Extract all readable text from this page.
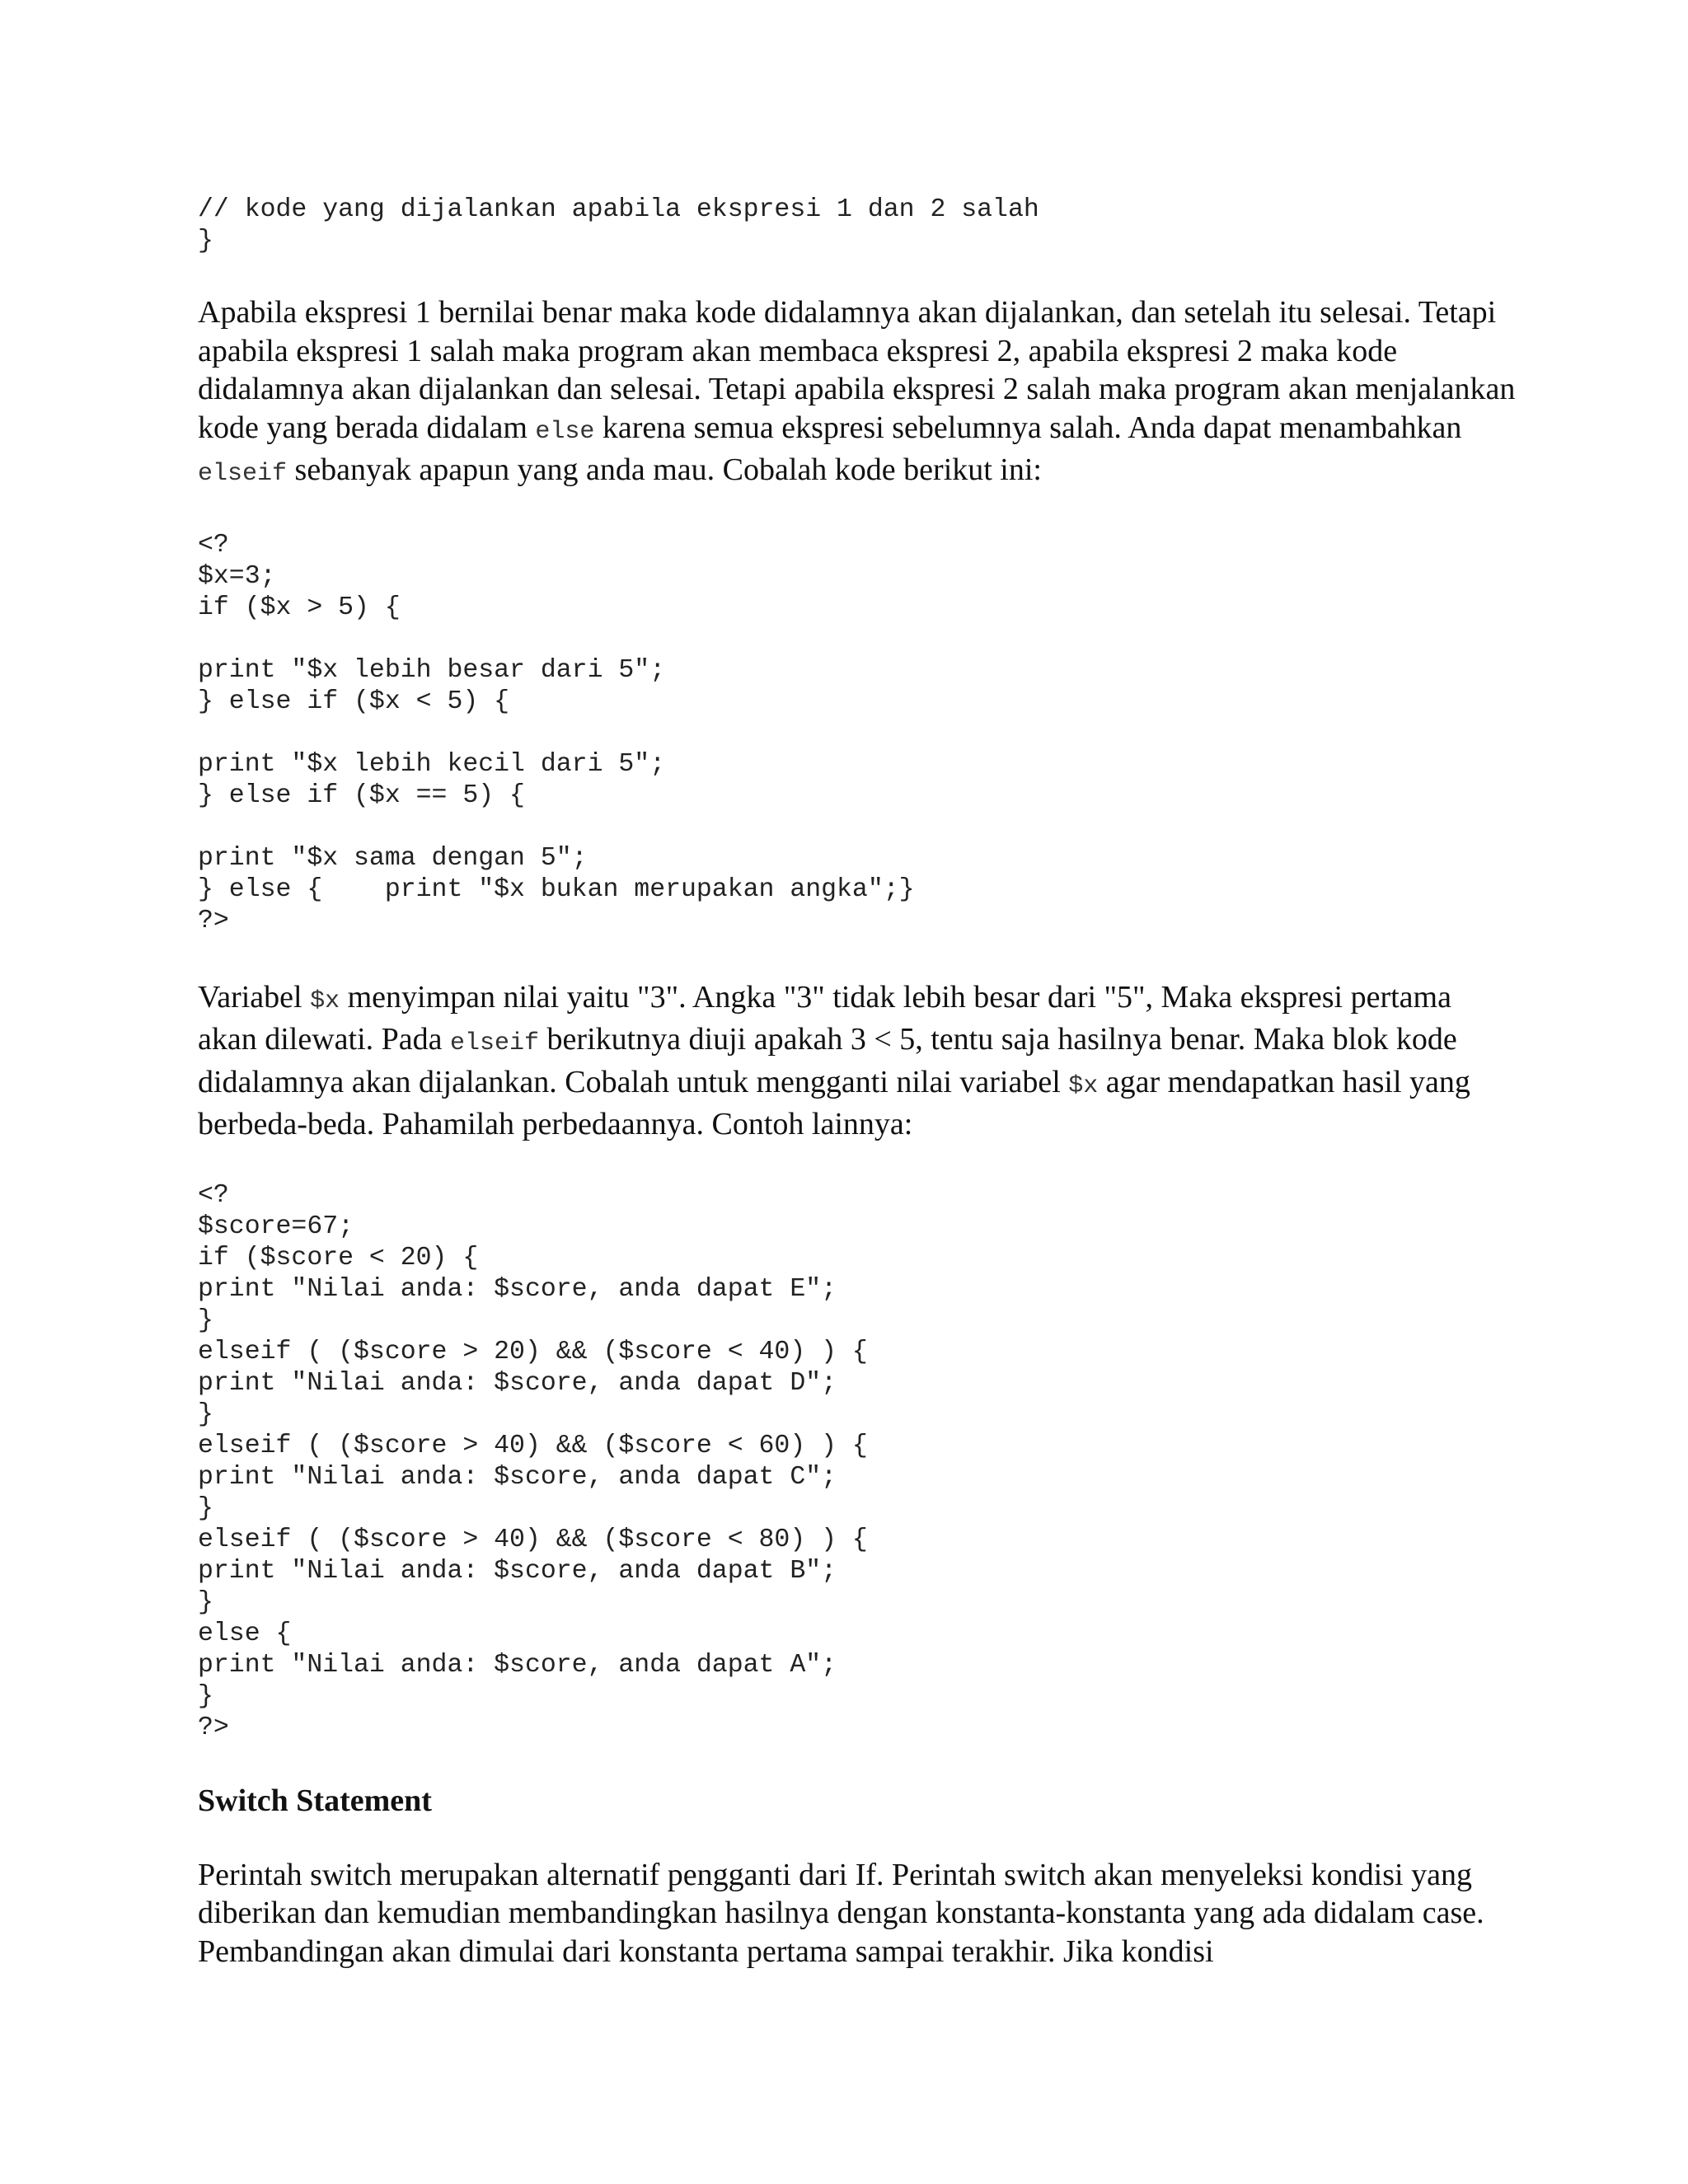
// kode yang dijalankan apabila ekspresi 1 dan 2 salah
}

Apabila ekspresi 1 bernilai benar maka kode didalamnya akan dijalankan, dan setelah itu selesai. Tetapi apabila ekspresi 1 salah maka program akan membaca ekspresi 2, apabila ekspresi 2 maka kode didalamnya akan dijalankan dan selesai. Tetapi apabila ekspresi 2 salah maka program akan menjalankan kode yang berada didalam else karena semua ekspresi sebelumnya salah. Anda dapat menambahkan elseif sebanyak apapun yang anda mau. Cobalah kode berikut ini:

<?
$x=3;
if ($x > 5) {

print "$x lebih besar dari 5";
} else if ($x < 5) {

print "$x lebih kecil dari 5";
} else if ($x == 5) {

print "$x sama dengan 5";
} else {    print "$x bukan merupakan angka";}
?>

Variabel $x menyimpan nilai yaitu "3". Angka "3" tidak lebih besar dari "5", Maka ekspresi pertama akan dilewati. Pada elseif berikutnya diuji apakah 3 < 5, tentu saja hasilnya benar. Maka blok kode didalamnya akan dijalankan. Cobalah untuk mengganti nilai variabel $x agar mendapatkan hasil yang berbeda-beda. Pahamilah perbedaannya. Contoh lainnya:

<?
$score=67;
if ($score < 20) {
print "Nilai anda: $score, anda dapat E";
}
elseif ( ($score > 20) && ($score < 40) ) {
print "Nilai anda: $score, anda dapat D";
}
elseif ( ($score > 40) && ($score < 60) ) {
print "Nilai anda: $score, anda dapat C";
}
elseif ( ($score > 40) && ($score < 80) ) {
print "Nilai anda: $score, anda dapat B";
}
else {
print "Nilai anda: $score, anda dapat A";
}
?>
Switch Statement

Perintah switch merupakan alternatif pengganti dari If. Perintah switch akan menyeleksi kondisi yang diberikan dan kemudian membandingkan hasilnya dengan konstanta-konstanta yang ada didalam case. Pembandingan akan dimulai dari konstanta pertama sampai terakhir. Jika kondisi
